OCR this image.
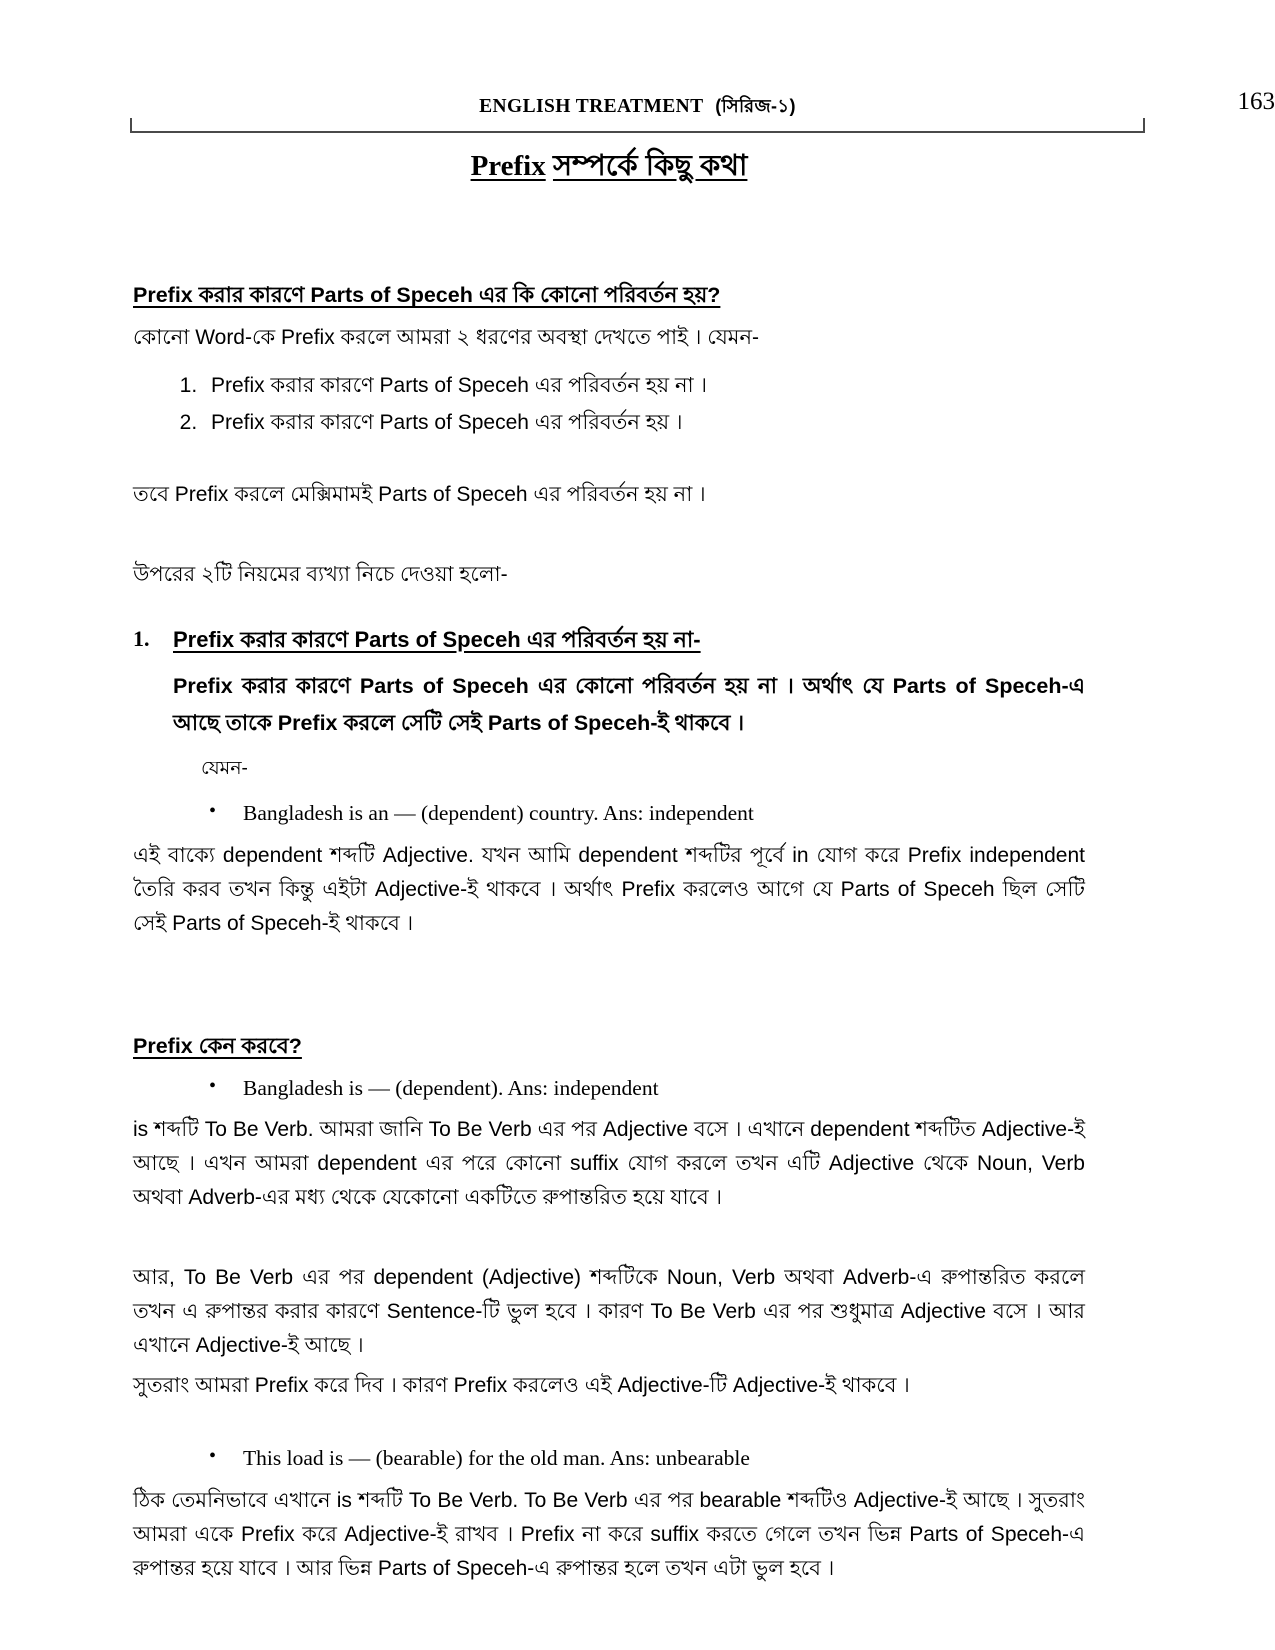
ENGLISH TREATMENT (সিরিজ-১)	163
Prefix সম্পর্কে কিছু কথা
Prefix করার কারণে Parts of Speceh এর কি কোনো পরিবর্তন হয়?

কোনো Word-কে Prefix করলে আমরা ২ ধরণের অবস্থা দেখতে পাই । যেমন-

1. Prefix করার কারণে Parts of Speceh এর পরিবর্তন হয় না ।
2. Prefix করার কারণে Parts of Speceh এর পরিবর্তন হয় ।

তবে Prefix করলে মেক্সিমামই Parts of Speceh এর পরিবর্তন হয় না ।

উপরের ২টি নিয়মের ব্যখ্যা নিচে দেওয়া হলো-

1.	Prefix করার কারণে Parts of Speceh এর পরিবর্তন হয় না-
Prefix করার কারণে Parts of Speceh এর কোনো পরিবর্তন হয় না । অর্থাৎ যে Parts of Speceh-এ আছে তাকে Prefix করলে সেটি সেই Parts of Speceh-ই থাকবে ।
যেমন-
• Bangladesh is an — (dependent) country. Ans: independent

এই বাক্যে dependent শব্দটি Adjective. যখন আমি dependent শব্দটির পূর্বে in যোগ করে Prefix independent তৈরি করব তখন কিন্তু এইটা Adjective-ই থাকবে । অর্থাৎ Prefix করলেও আগে যে Parts of Speceh ছিল সেটি সেই Parts of Speceh-ই থাকবে ।

Prefix কেন করবে?
• Bangladesh is — (dependent). Ans: independent

is শব্দটি To Be Verb. আমরা জানি To Be Verb এর পর Adjective বসে । এখানে dependent শব্দটিত Adjective-ই আছে । এখন আমরা dependent এর পরে কোনো suffix যোগ করলে তখন এটি Adjective থেকে Noun, Verb অথবা Adverb-এর মধ্য থেকে যেকোনো একটিতে রুপান্তরিত হয়ে যাবে ।

আর, To Be Verb এর পর dependent (Adjective) শব্দটিকে Noun, Verb অথবা Adverb-এ রুপান্তরিত করলে তখন এ রুপান্তর করার কারণে Sentence-টি ভুল হবে । কারণ To Be Verb এর পর শুধুমাত্র Adjective বসে । আর এখানে Adjective-ই আছে ।

সুতরাং আমরা Prefix করে দিব । কারণ Prefix করলেও এই Adjective-টি Adjective-ই থাকবে ।

• This load is — (bearable) for the old man. Ans: unbearable

ঠিক তেমনিভাবে এখানে is শব্দটি To Be Verb. To Be Verb এর পর bearable শব্দটিও Adjective-ই আছে । সুতরাং আমরা একে Prefix করে Adjective-ই রাখব । Prefix না করে suffix করতে গেলে তখন ভিন্ন Parts of Speceh-এ রুপান্তর হয়ে যাবে । আর ভিন্ন Parts of Speceh-এ রুপান্তর হলে তখন এটা ভুল হবে ।
